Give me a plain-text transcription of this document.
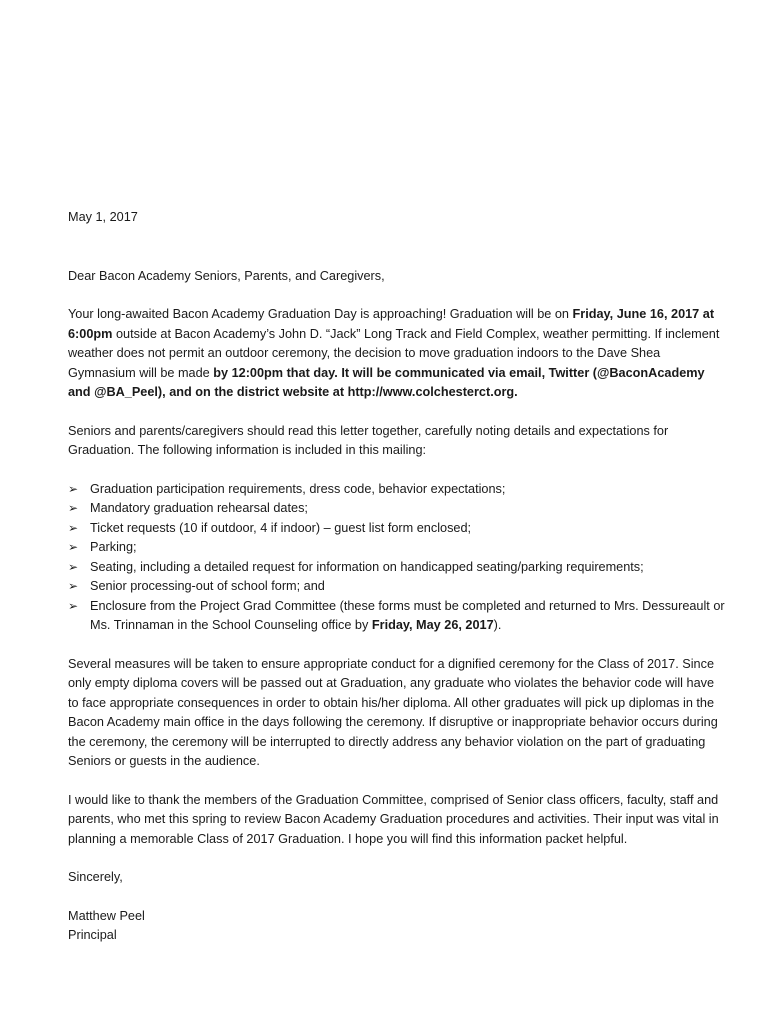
May 1, 2017

Dear Bacon Academy Seniors, Parents, and Caregivers,

Your long-awaited Bacon Academy Graduation Day is approaching! Graduation will be on Friday, June 16, 2017 at 6:00pm outside at Bacon Academy’s John D. “Jack” Long Track and Field Complex, weather permitting. If inclement weather does not permit an outdoor ceremony, the decision to move graduation indoors to the Dave Shea Gymnasium will be made by 12:00pm that day. It will be communicated via email, Twitter (@BaconAcademy and @BA_Peel), and on the district website at http://www.colchesterct.org.

Seniors and parents/caregivers should read this letter together, carefully noting details and expectations for Graduation. The following information is included in this mailing:

➢ Graduation participation requirements, dress code, behavior expectations;
➢ Mandatory graduation rehearsal dates;
➢ Ticket requests (10 if outdoor, 4 if indoor) – guest list form enclosed;
➢ Parking;
➢ Seating, including a detailed request for information on handicapped seating/parking requirements;
➢ Senior processing-out of school form; and
➢ Enclosure from the Project Grad Committee (these forms must be completed and returned to Mrs. Dessureault or Ms. Trinnaman in the School Counseling office by Friday, May 26, 2017).

Several measures will be taken to ensure appropriate conduct for a dignified ceremony for the Class of 2017. Since only empty diploma covers will be passed out at Graduation, any graduate who violates the behavior code will have to face appropriate consequences in order to obtain his/her diploma. All other graduates will pick up diplomas in the Bacon Academy main office in the days following the ceremony. If disruptive or inappropriate behavior occurs during the ceremony, the ceremony will be interrupted to directly address any behavior violation on the part of graduating Seniors or guests in the audience.

I would like to thank the members of the Graduation Committee, comprised of Senior class officers, faculty, staff and parents, who met this spring to review Bacon Academy Graduation procedures and activities. Their input was vital in planning a memorable Class of 2017 Graduation. I hope you will find this information packet helpful.

Sincerely,

Matthew Peel

Principal
